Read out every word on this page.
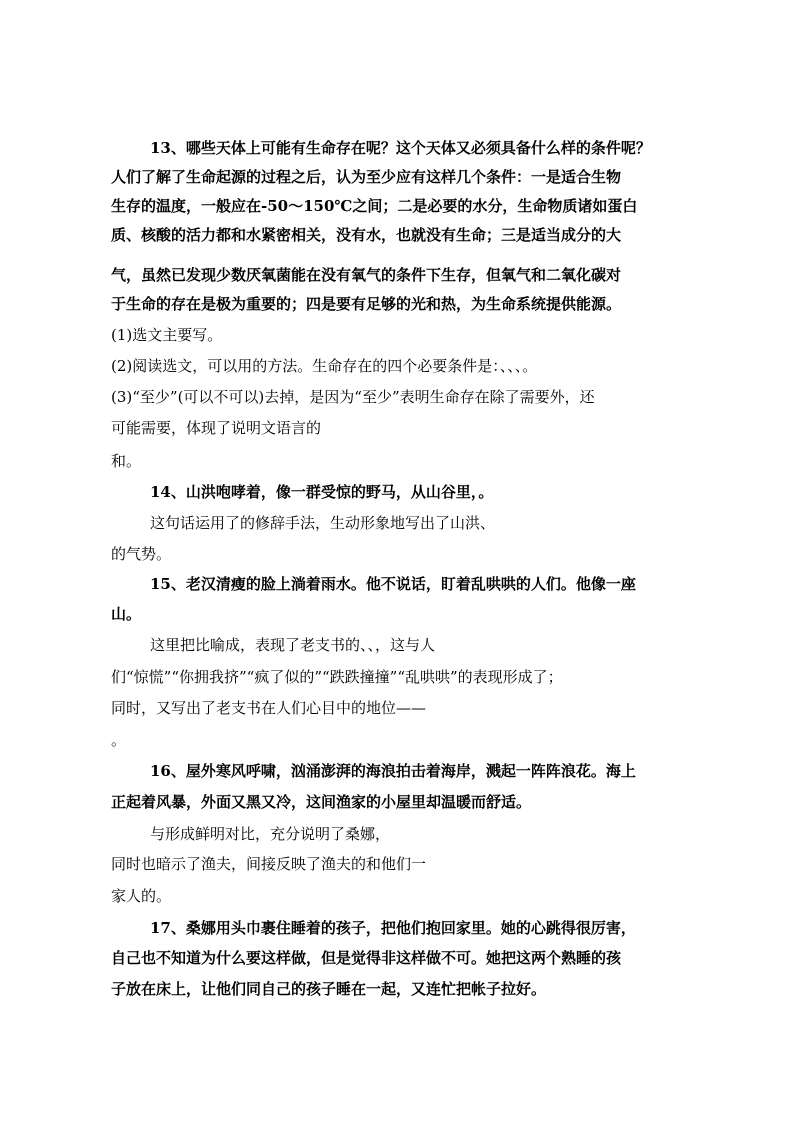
13、哪些天体上可能有生命存在呢？这个天体又必须具备什么样的条件呢？
人们了解了生命起源的过程之后，认为至少应有这样几个条件：一是适合生物
生存的温度，一般应在-50～150℃之间；二是必要的水分，生命物质诸如蛋白
质、核酸的活力都和水紧密相关，没有水，也就没有生命；三是适当成分的大
气，虽然已发现少数厌氧菌能在没有氧气的条件下生存，但氧气和二氧化碳对
于生命的存在是极为重要的；四是要有足够的光和热，为生命系统提供能源。
(1)选文主要写。
(2)阅读选文，可以用的方法。生命存在的四个必要条件是：、、、。
(3)“至少”(可以不可以)去掉，是因为“至少”表明生命存在除了需要外，还
可能需要，体现了说明文语言的
和。
14、山洪咆哮着，像一群受惊的野马，从山谷里，。
这句话运用了的修辞手法，生动形象地写出了山洪、
的气势。
15、老汉清瘦的脸上淌着雨水。他不说话，盯着乱哄哄的人们。他像一座
山。
这里把比喻成，表现了老支书的、、，这与人
们“惊慌”“你拥我挤”“疯了似的”“跌跌撞撞”“乱哄哄”的表现形成了；
同时，又写出了老支书在人们心目中的地位——
。
16、屋外寒风呼啸，汹涌澎湃的海浪拍击着海岸，溅起一阵阵浪花。海上
正起着风暴，外面又黑又冷，这间渔家的小屋里却温暖而舒适。
与形成鲜明对比，充分说明了桑娜，
同时也暗示了渔夫，间接反映了渔夫的和他们一
家人的。
17、桑娜用头巾裹住睡着的孩子，把他们抱回家里。她的心跳得很厉害，
自己也不知道为什么要这样做，但是觉得非这样做不可。她把这两个熟睡的孩
子放在床上，让他们同自己的孩子睡在一起，又连忙把帐子拉好。
